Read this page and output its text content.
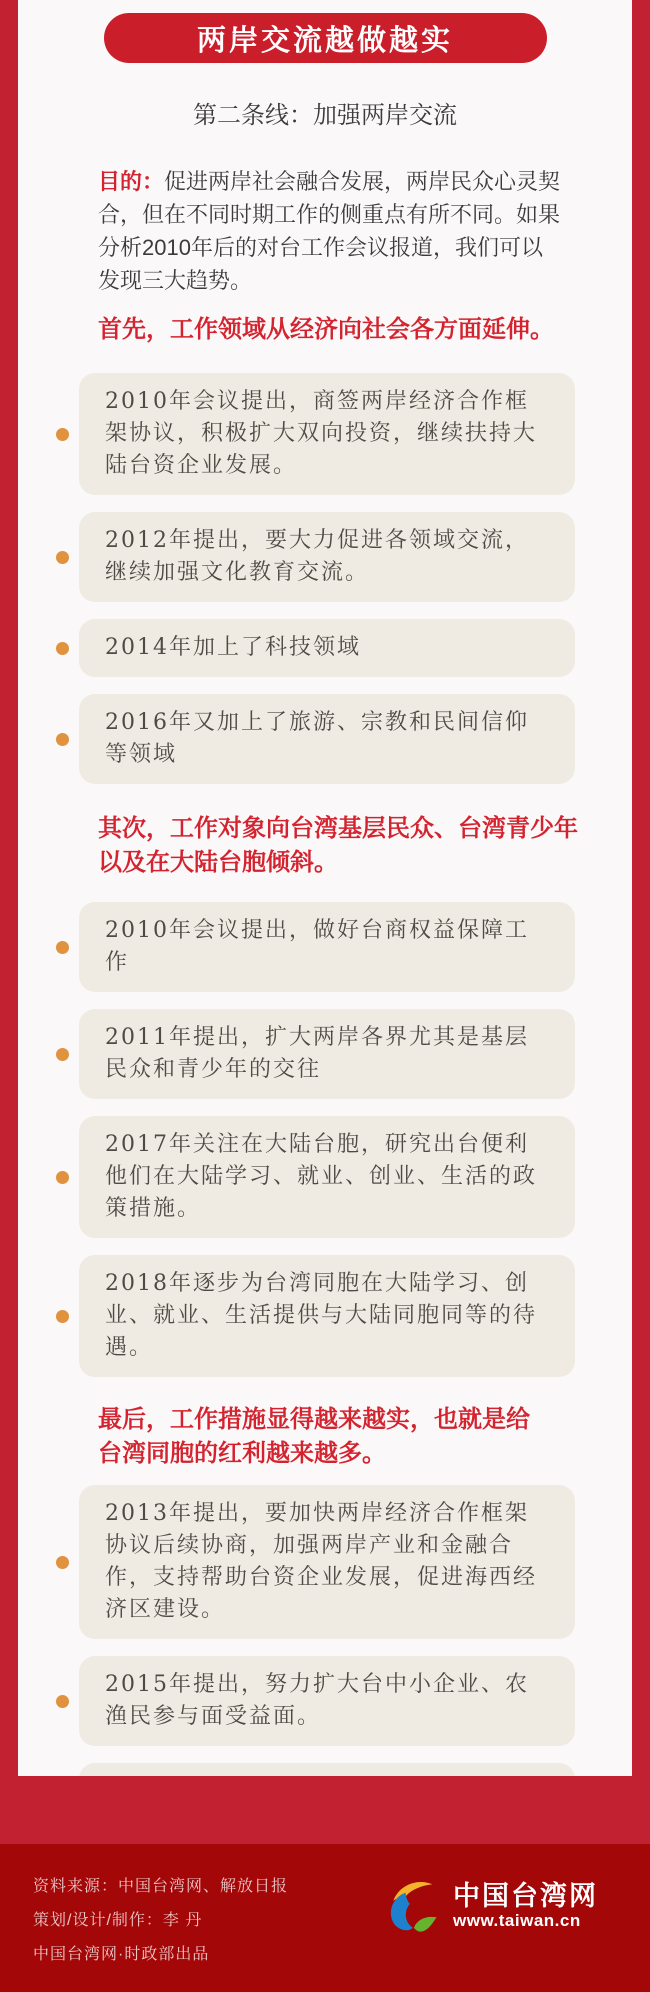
两岸交流越做越实
第二条线：加强两岸交流

目的：促进两岸社会融合发展，两岸民众心灵契合，但在不同时期工作的侧重点有所不同。如果分析2010年后的对台工作会议报道，我们可以发现三大趋势。

首先，工作领域从经济向社会各方面延伸。
2010年会议提出，商签两岸经济合作框架协议，积极扩大双向投资，继续扶持大陆台资企业发展。
2012年提出，要大力促进各领域交流，继续加强文化教育交流。
2014年加上了科技领域
2016年又加上了旅游、宗教和民间信仰等领域
其次，工作对象向台湾基层民众、台湾青少年以及在大陆台胞倾斜。
2010年会议提出，做好台商权益保障工作
2011年提出，扩大两岸各界尤其是基层民众和青少年的交往
2017年关注在大陆台胞，研究出台便利他们在大陆学习、就业、创业、生活的政策措施。
2018年逐步为台湾同胞在大陆学习、创业、就业、生活提供与大陆同胞同等的待遇。
最后，工作措施显得越来越实，也就是给台湾同胞的红利越来越多。
2013年提出，要加快两岸经济合作框架协议后续协商，加强两岸产业和金融合作，支持帮助台资企业发展，促进海西经济区建设。
2015年提出，努力扩大台中小企业、农渔民参与面受益面。
资料来源：中国台湾网、解放日报
策划/设计/制作：李 丹
中国台湾网·时政部出品
中国台湾网
www.taiwan.cn
